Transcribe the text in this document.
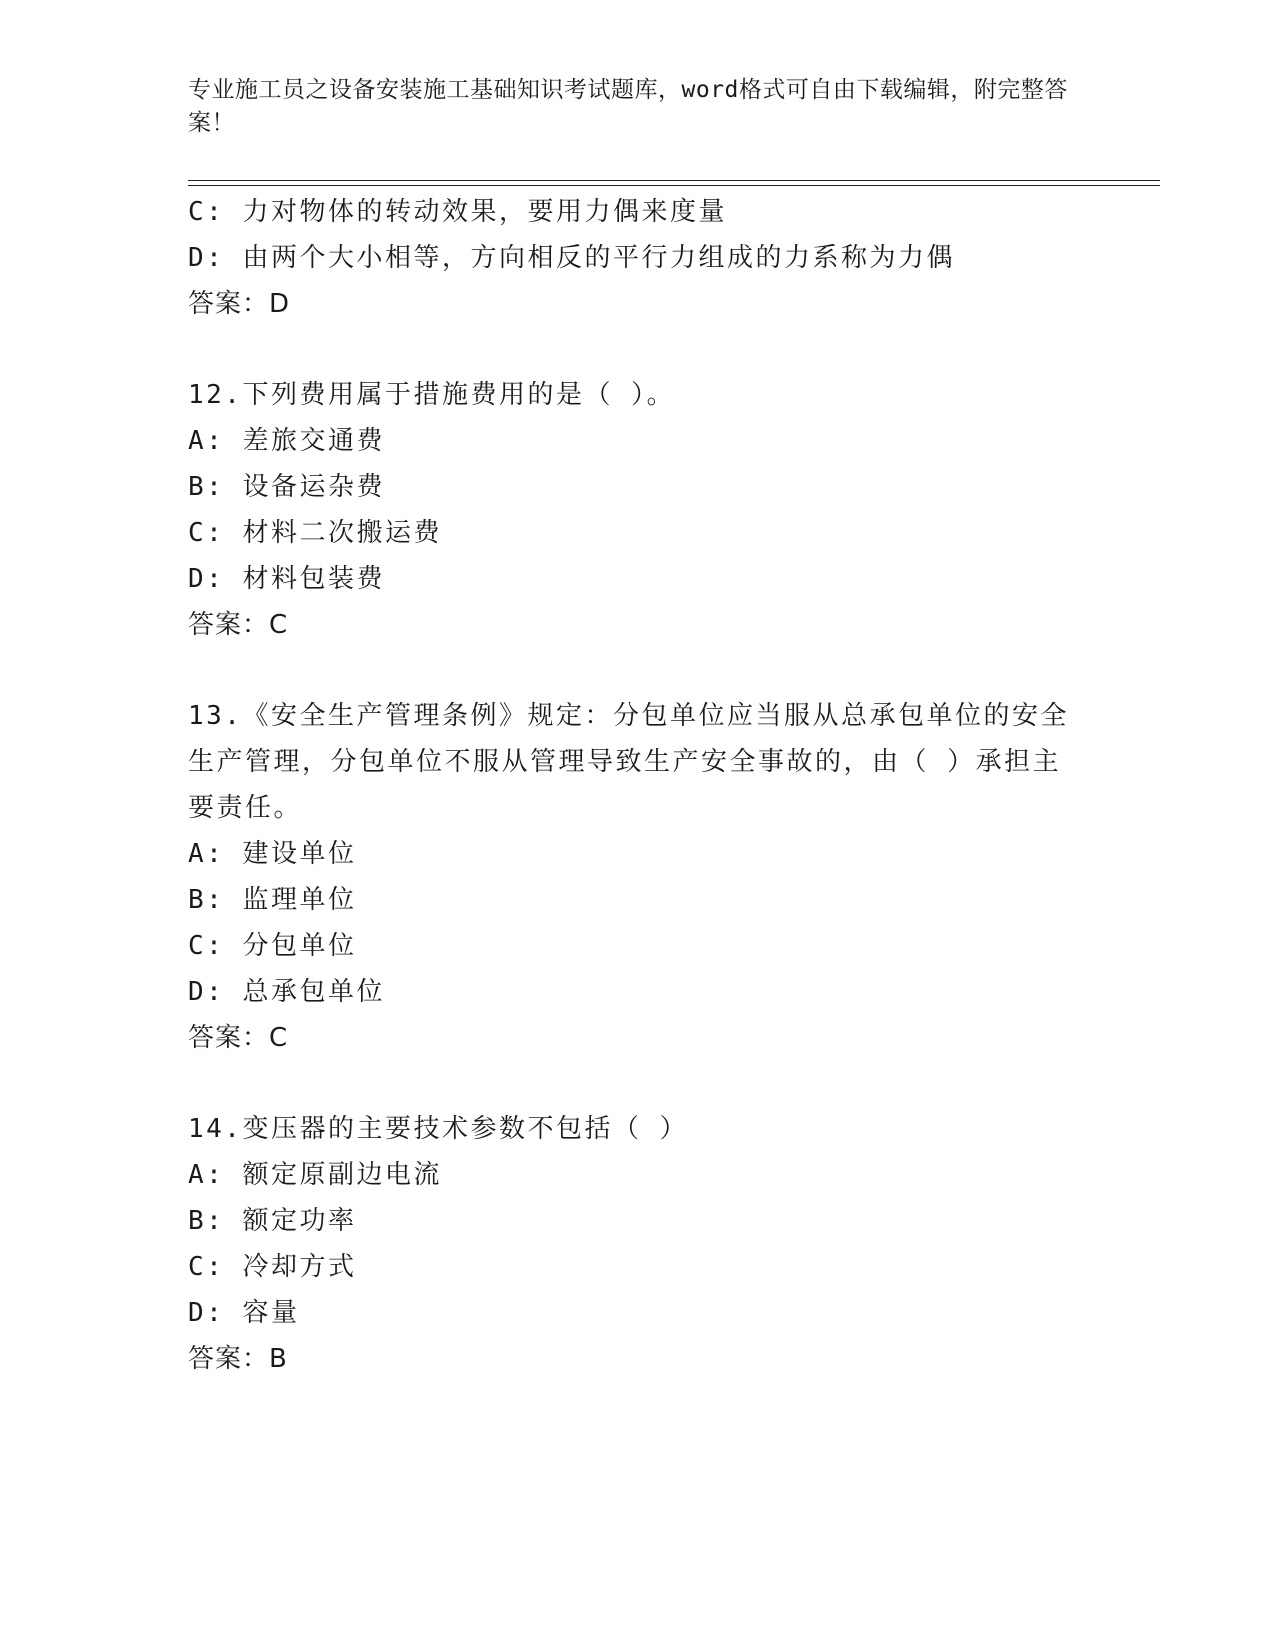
专业施工员之设备安装施工基础知识考试题库，word格式可自由下载编辑，附完整答案！
C: 力对物体的转动效果，要用力偶来度量
D: 由两个大小相等，方向相反的平行力组成的力系称为力偶
答案：D
12.下列费用属于措施费用的是（ ）。
A: 差旅交通费
B: 设备运杂费
C: 材料二次搬运费
D: 材料包装费
答案：C
13.《安全生产管理条例》规定：分包单位应当服从总承包单位的安全生产管理，分包单位不服从管理导致生产安全事故的，由（ ）承担主要责任。
A: 建设单位
B: 监理单位
C: 分包单位
D: 总承包单位
答案：C
14.变压器的主要技术参数不包括（ ）
A: 额定原副边电流
B: 额定功率
C: 冷却方式
D: 容量
答案：B
